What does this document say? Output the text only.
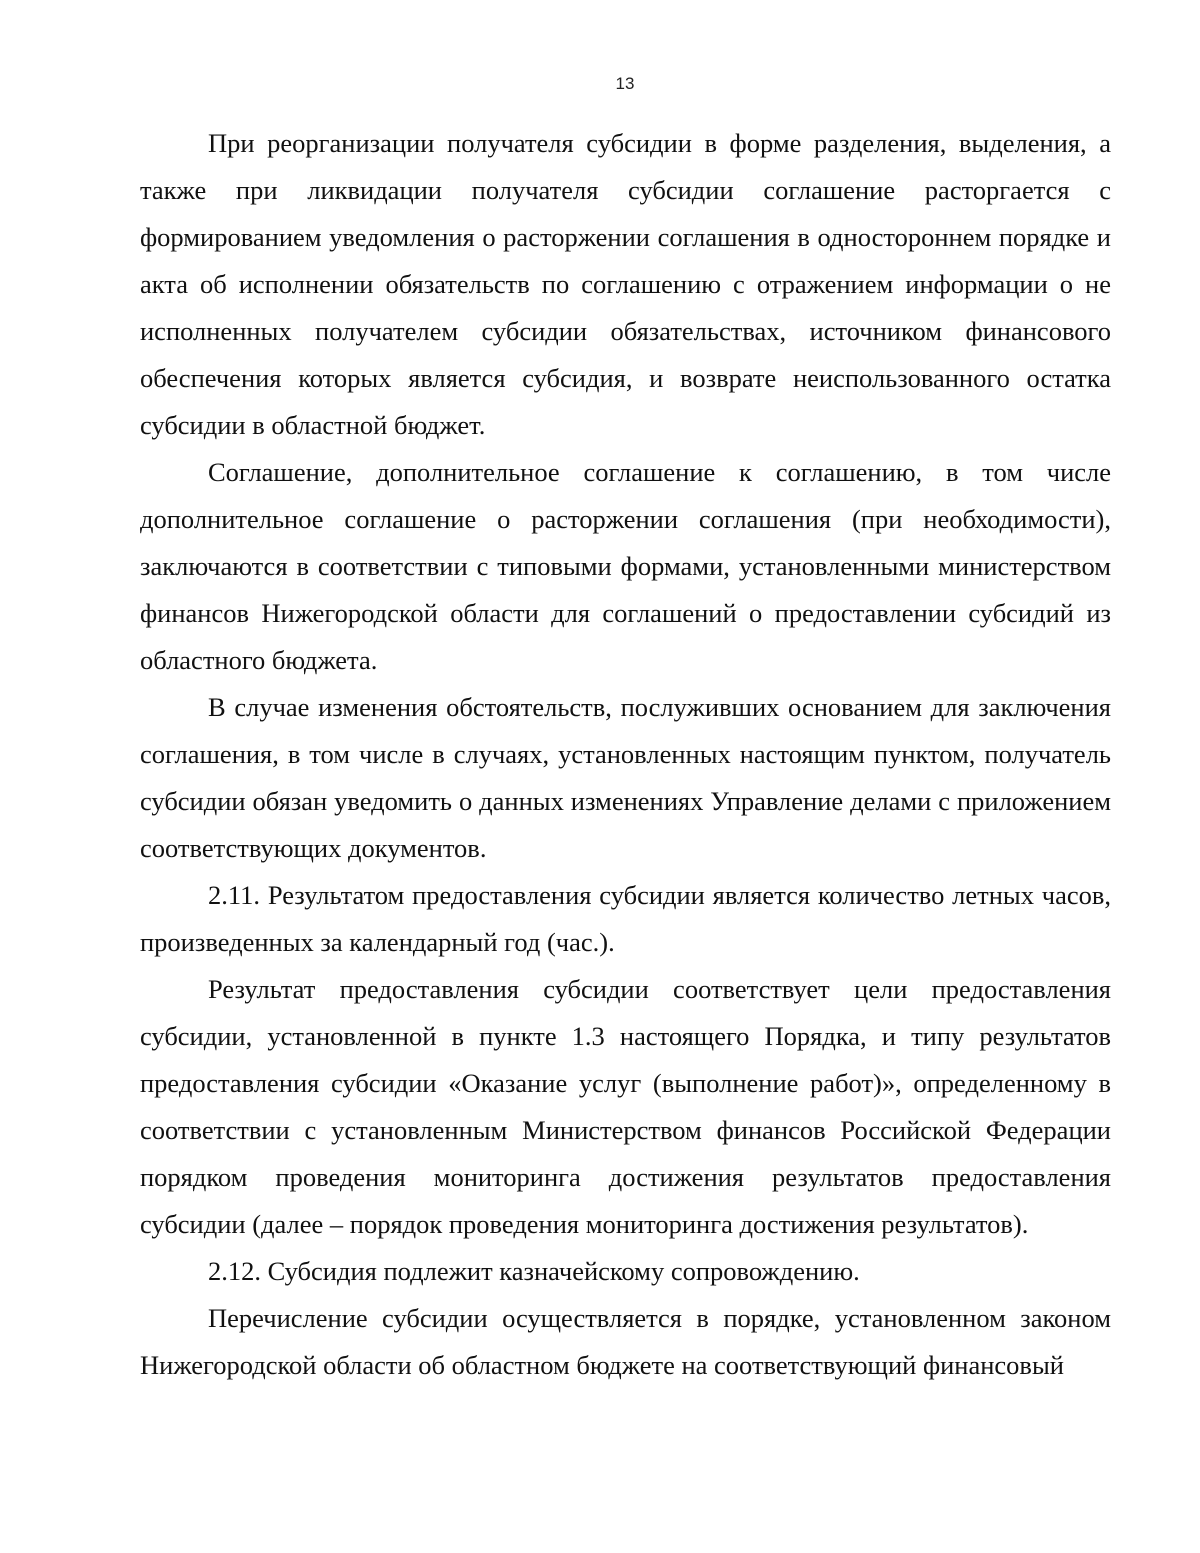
13

При реорганизации получателя субсидии в форме разделения, выделения, а также при ликвидации получателя субсидии соглашение расторгается с формированием уведомления о расторжении соглашения в одностороннем порядке и акта об исполнении обязательств по соглашению с отражением информации о не исполненных получателем субсидии обязательствах, источником финансового обеспечения которых является субсидия, и возврате неиспользованного остатка субсидии в областной бюджет.

Соглашение, дополнительное соглашение к соглашению, в том числе дополнительное соглашение о расторжении соглашения (при необходимости), заключаются в соответствии с типовыми формами, установленными министерством финансов Нижегородской области для соглашений о предоставлении субсидий из областного бюджета.

В случае изменения обстоятельств, послуживших основанием для заключения соглашения, в том числе в случаях, установленных настоящим пунктом, получатель субсидии обязан уведомить о данных изменениях Управление делами с приложением соответствующих документов.

2.11. Результатом предоставления субсидии является количество летных часов, произведенных за календарный год (час.).

Результат предоставления субсидии соответствует цели предоставления субсидии, установленной в пункте 1.3 настоящего Порядка, и типу результатов предоставления субсидии «Оказание услуг (выполнение работ)», определенному в соответствии с установленным Министерством финансов Российской Федерации порядком проведения мониторинга достижения результатов предоставления субсидии (далее – порядок проведения мониторинга достижения результатов).

2.12. Субсидия подлежит казначейскому сопровождению.

Перечисление субсидии осуществляется в порядке, установленном законом Нижегородской области об областном бюджете на соответствующий финансовый
